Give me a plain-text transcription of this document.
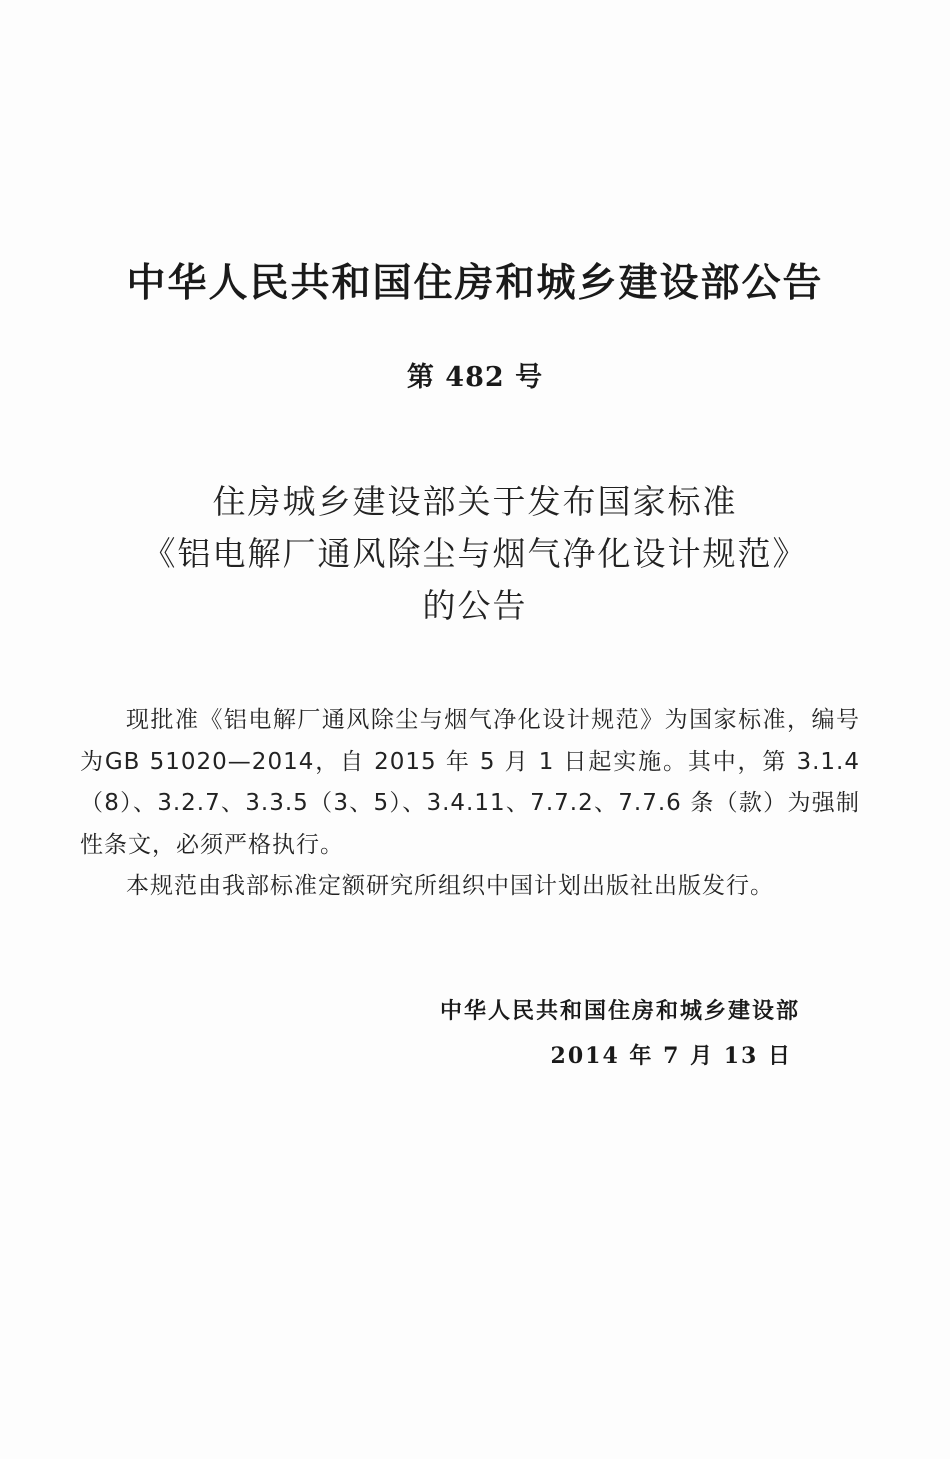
中华人民共和国住房和城乡建设部公告
第 482 号
住房城乡建设部关于发布国家标准
《铝电解厂通风除尘与烟气净化设计规范》
的公告

现批准《铝电解厂通风除尘与烟气净化设计规范》为国家标准，编号为GB 51020—2014，自 2015 年 5 月 1 日起实施。其中，第 3.1.4（8）、3.2.7、3.3.5（3、5）、3.4.11、7.7.2、7.7.6 条（款）为强制性条文，必须严格执行。

本规范由我部标准定额研究所组织中国计划出版社出版发行。

中华人民共和国住房和城乡建设部
2014 年 7 月 13 日
